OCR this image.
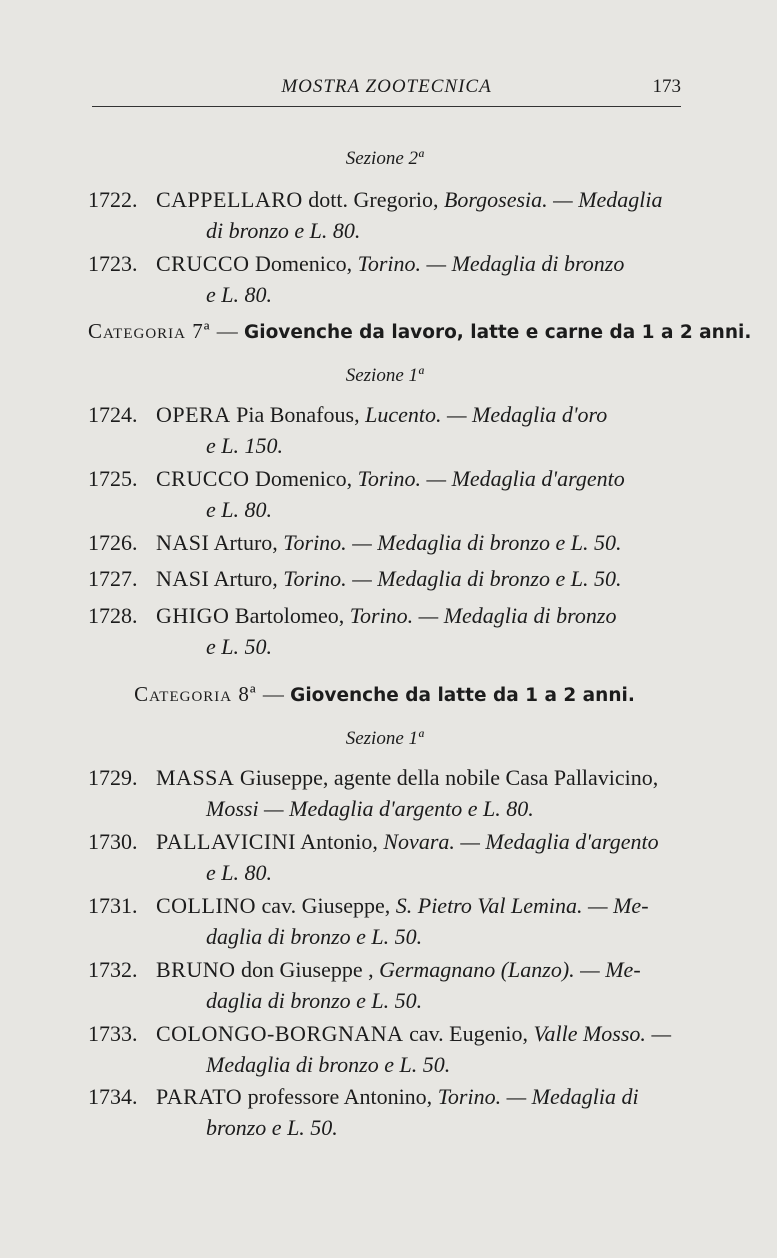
MOSTRA ZOOTECNICA	173
Sezione 2ª
1722. CAPPELLARO dott. Gregorio, Borgosesia. — Medaglia
di bronzo e L. 80.
1723. CRUCCO Domenico, Torino. — Medaglia di bronzo
e L. 80.
Categoria 7ª — Giovenche da lavoro, latte e carne da 1 a 2 anni.
Sezione 1ª
1724. OPERA Pia Bonafous, Lucento. — Medaglia d'oro
e L. 150.
1725. CRUCCO Domenico, Torino. — Medaglia d'argento
e L. 80.
1726. NASI Arturo, Torino. — Medaglia di bronzo e L. 50.
1727. NASI Arturo, Torino. — Medaglia di bronzo e L. 50.
1728. GHIGO Bartolomeo, Torino. — Medaglia di bronzo
e L. 50.
Categoria 8ª — Giovenche da latte da 1 a 2 anni.
Sezione 1ª
1729. MASSA Giuseppe, agente della nobile Casa Pallavicino,
Mossi — Medaglia d'argento e L. 80.
1730. PALLAVICINI Antonio, Novara. — Medaglia d'argento
e L. 80.
1731. COLLINO cav. Giuseppe, S. Pietro Val Lemina. — Me-
daglia di bronzo e L. 50.
1732. BRUNO don Giuseppe , Germagnano (Lanzo). — Me-
daglia di bronzo e L. 50.
1733. COLONGO-BORGNANA cav. Eugenio, Valle Mosso. —
Medaglia di bronzo e L. 50.
1734. PARATO professore Antonino, Torino. — Medaglia di
bronzo e L. 50.
